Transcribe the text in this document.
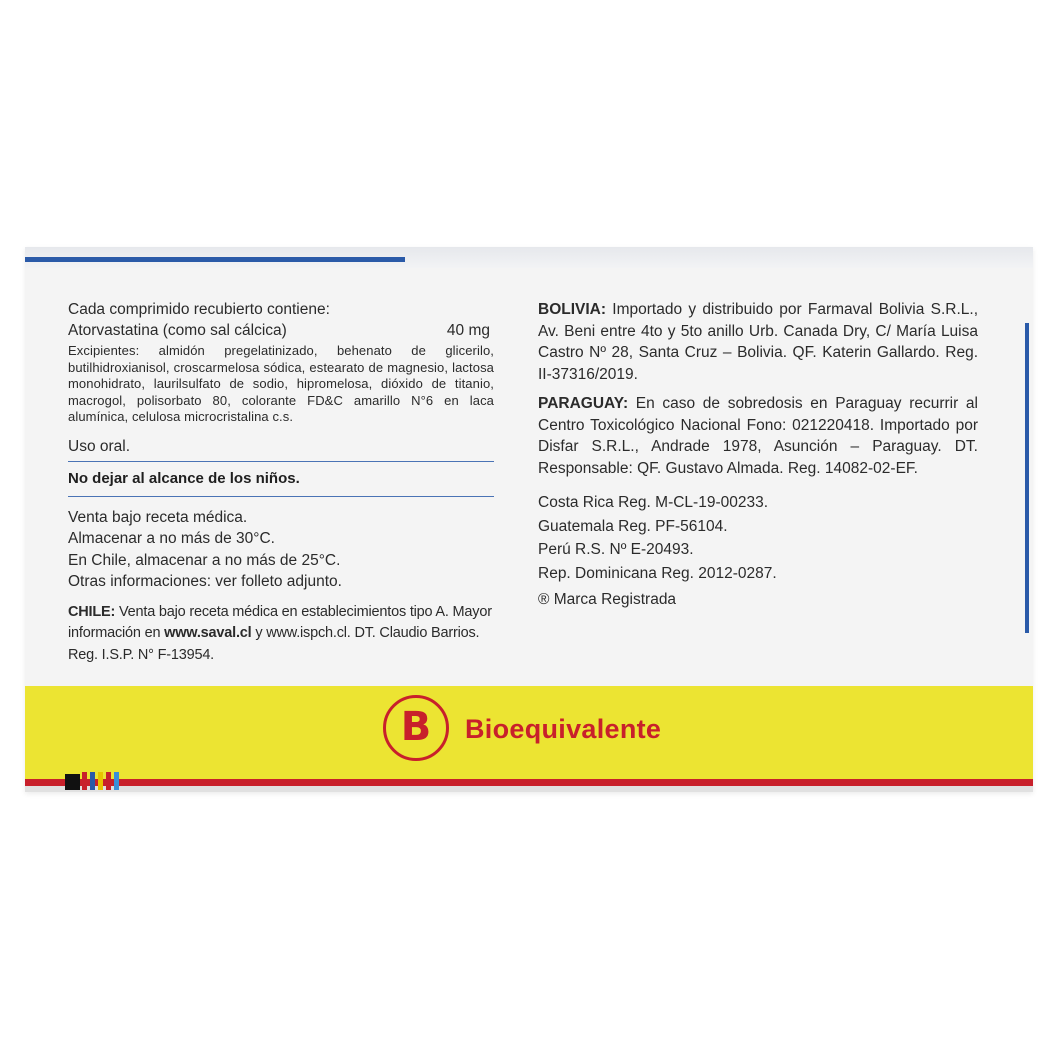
Cada comprimido recubierto contiene:
Atorvastatina (como sal cálcica)	40 mg
Excipientes: almidón pregelatinizado, behenato de glicerilo, butilhidroxianisol, croscarmelosa sódica, estearato de magnesio, lactosa monohidrato, laurilsulfato de sodio, hipromelosa, dióxido de titanio, macrogol, polisorbato 80, colorante FD&C amarillo N°6 en laca alumínica, celulosa microcristalina c.s.
Uso oral.
No dejar al alcance de los niños.
Venta bajo receta médica.
Almacenar a no más de 30°C.
En Chile, almacenar a no más de 25°C.
Otras informaciones: ver folleto adjunto.
CHILE: Venta bajo receta médica en establecimientos tipo A. Mayor información en www.saval.cl y www.ispch.cl. DT. Claudio Barrios. Reg. I.S.P. N° F-13954.
BOLIVIA: Importado y distribuido por Farmaval Bolivia S.R.L., Av. Beni entre 4to y 5to anillo Urb. Canada Dry, C/ María Luisa Castro Nº 28, Santa Cruz – Bolivia. QF. Katerin Gallardo. Reg. II-37316/2019.
PARAGUAY: En caso de sobredosis en Paraguay recurrir al Centro Toxicológico Nacional Fono: 021220418. Importado por Disfar S.R.L., Andrade 1978, Asunción – Paraguay. DT. Responsable: QF. Gustavo Almada. Reg. 14082-02-EF.
Costa Rica Reg. M-CL-19-00233.
Guatemala Reg. PF-56104.
Perú R.S. Nº E-20493.
Rep. Dominicana Reg. 2012-0287.
® Marca Registrada
B Bioequivalente
